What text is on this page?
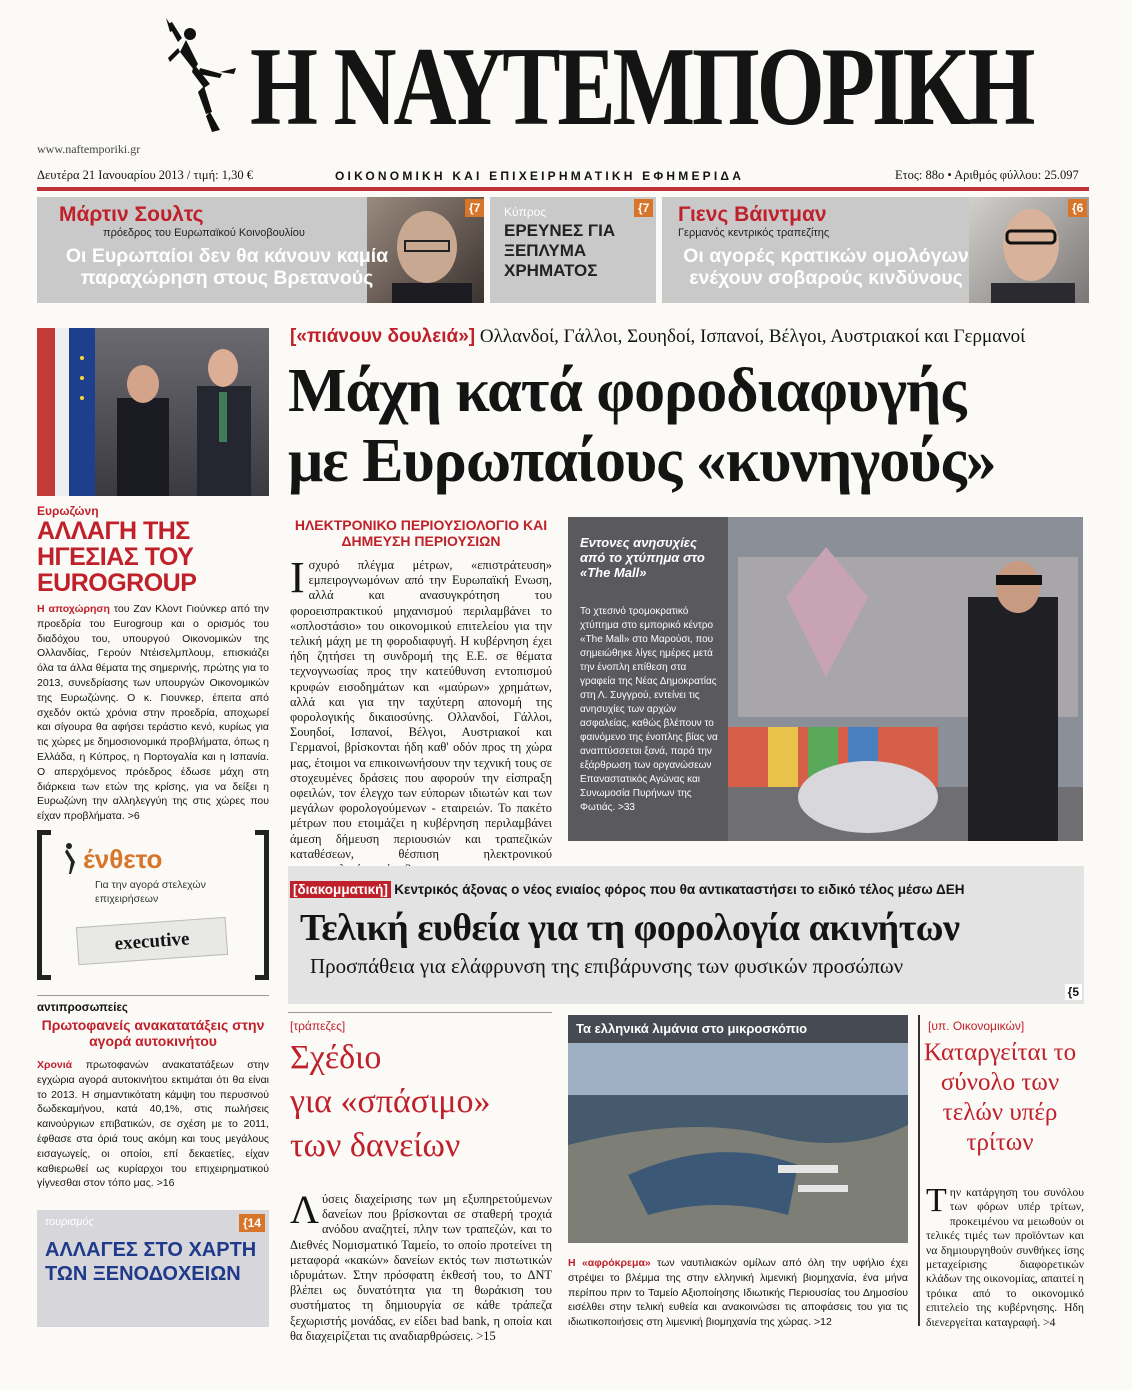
Η ΝΑΥΤΕΜΠΟΡΙΚΗ
www.naftemporiki.gr
Δευτέρα 21 Ιανουαρίου 2013 / τιμή: 1,30 €	ΟΙΚΟΝΟΜΙΚΗ ΚΑΙ ΕΠΙΧΕΙΡΗΜΑΤΙΚΗ ΕΦΗΜΕΡΙΔΑ	Ετος: 88ο • Αριθμός φύλλου: 25.097
{7
Μάρτιν Σουλτς
πρόεδρος του Ευρωπαϊκού Κοινοβουλίου
Οι Ευρωπαίοι δεν θα κάνουν καμία παραχώρηση στους Βρετανούς
Κύπρος	{7
ΕΡΕΥΝΕΣ ΓΙΑ ΞΕΠΛΥΜΑ ΧΡΗΜΑΤΟΣ
{6
Γιενς Βάιντμαν
Γερμανός κεντρικός τραπεζίτης
Οι αγορές κρατικών ομολόγων ενέχουν σοβαρούς κινδύνους
Ευρωζώνη
ΑΛΛΑΓΗ ΤΗΣ ΗΓΕΣΙΑΣ ΤΟΥ EUROGROUP
Η αποχώρηση του Ζαν Κλοντ Γιούνκερ από την προεδρία του Eurogroup και ο ορισμός του διαδόχου του, υπουργού Οικονομικών της Ολλανδίας, Γερούν Ντέισελμπλουμ, επισκιάζει όλα τα άλλα θέματα της σημερινής, πρώτης για το 2013, συνεδρίασης των υπουργών Οικονομικών της Ευρωζώνης. Ο κ. Γιουνκερ, έπειτα από σχεδόν οκτώ χρόνια στην προεδρία, αποχωρεί και σίγουρα θα αφήσει τεράστιο κενό, κυρίως για τις χώρες με δημοσιονομικά προβλήματα, όπως η Ελλάδα, η Κύπρος, η Πορτογαλία και η Ισπανία. Ο απερχόμενος πρόεδρος έδωσε μάχη στη διάρκεια των ετών της κρίσης, για να δείξει η Ευρωζώνη την αλληλεγγύη της στις χώρες που είχαν προβλήματα. >6
ένθετο
Για την αγορά στελεχών επιχειρήσεων
executive
αντιπροσωπείες
Πρωτοφανείς ανακατατάξεις στην αγορά αυτοκινήτου
Χρονιά πρωτοφανών ανακατατάξεων στην εγχώρια αγορά αυτοκινήτου εκτιμάται ότι θα είναι το 2013. Η σημαντικότατη κάμψη του περυσινού δωδεκαμήνου, κατά 40,1%, στις πωλήσεις καινούργιων επιβατικών, σε σχέση με το 2011, έφθασε στα όριά τους ακόμη και τους μεγάλους εισαγωγείς, οι οποίοι, επί δεκαετίες, είχαν καθιερωθεί ως κυρίαρχοι του επιχειρηματικού γίγνεσθαι στον τόπο μας. >16
τουρισμός	{14
ΑΛΛΑΓΕΣ ΣΤΟ ΧΑΡΤΗ ΤΩΝ ΞΕΝΟΔΟΧΕΙΩΝ
[«πιάνουν δουλειά»] Ολλανδοί, Γάλλοι, Σουηδοί, Ισπανοί, Βέλγοι, Αυστριακοί και Γερμανοί
Μάχη κατά φοροδιαφυγής
με Ευρωπαίους «κυνηγούς»
ΗΛΕΚΤΡΟΝΙΚΟ ΠΕΡΙΟΥΣΙΟΛΟΓΙΟ ΚΑΙ ΔΗΜΕΥΣΗ ΠΕΡΙΟΥΣΙΩΝ
Ισχυρό πλέγμα μέτρων, «επιστράτευση» εμπειρογνωμόνων από την Ευρωπαϊκή Ενωση, αλλά και ανασυγκρότηση του φοροεισπρακτικού μηχανισμού περιλαμβάνει το «οπλοστάσιο» του οικονομικού επιτελείου για την τελική μάχη με τη φοροδιαφυγή. Η κυβέρνηση έχει ήδη ζητήσει τη συνδρομή της Ε.Ε. σε θέματα τεχνογνωσίας προς την κατεύθυνση εντοπισμού κρυφών εισοδημάτων και «μαύρων» χρημάτων, αλλά και για την ταχύτερη απονομή της φορολογικής δικαιοσύνης. Ολλανδοί, Γάλλοι, Σουηδοί, Ισπανοί, Βέλγοι, Αυστριακοί και Γερμανοί, βρίσκονται ήδη καθ' οδόν προς τη χώρα μας, έτοιμοι να επικοινωνήσουν την τεχνική τους σε στοχευμένες δράσεις που αφορούν την είσπραξη οφειλών, τον έλεγχο των εύπορων ιδιωτών και των μεγάλων φορολογούμενων - εταιρειών. Το πακέτο μέτρων που ετοιμάζει η κυβέρνηση περιλαμβάνει άμεση δήμευση περιουσιών και τραπεζικών καταθέσεων, θέσπιση ηλεκτρονικού
Εντονες ανησυχίες από το χτύπημα στο «The Mall»
Το χτεσινό τρομοκρατικό χτύπημα στο εμπορικό κέντρο «The Mall» στο Μαρούσι, που σημειώθηκε λίγες ημέρες μετά την ένοπλη επίθεση στα γραφεία της Νέας Δημοκρατίας στη Λ. Συγγρού, εντείνει τις ανησυχίες των αρχών ασφαλείας, καθώς βλέπουν το φαινόμενο της ένοπλης βίας να αναπτύσσεται ξανά, παρά την εξάρθρωση των οργανώσεων Επαναστατικός Αγώνας και Συνωμοσία Πυρήνων της Φωτιάς. >33
[διακομματική] Κεντρικός άξονας ο νέος ενιαίος φόρος που θα αντικαταστήσει το ειδικό τέλος μέσω ΔΕΗ
Τελική ευθεία για τη φορολογία ακινήτων
Προσπάθεια για ελάφρυνση της επιβάρυνσης των φυσικών προσώπων
{5
[τράπεζες]
Σχέδιο
για «σπάσιμο»
των δανείων
Λύσεις διαχείρισης των μη εξυπηρετούμενων δανείων που βρίσκονται σε σταθερή τροχιά ανόδου αναζητεί, πλην των τραπεζών, και το Διεθνές Νομισματικό Ταμείο, το οποίο προτείνει τη μεταφορά «κακών» δανείων εκτός των πιστωτικών ιδρυμάτων. Στην πρόσφατη έκθεσή του, το ΔΝΤ βλέπει ως δυνατότητα για τη θωράκιση του συστήματος τη δημιουργία σε κάθε τράπεζα ξεχωριστής μονάδας, εν είδει bad bank, η οποία και θα διαχειρίζεται τις αναδιαρθρώσεις. >15
Τα ελληνικά λιμάνια στο μικροσκόπιο
Η «αφρόκρεμα» των ναυτιλιακών ομίλων από όλη την υφήλιο έχει στρέψει το βλέμμα της στην ελληνική λιμενική βιομηχανία, ένα μήνα περίπου πριν το Ταμείο Αξιοποίησης Ιδιωτικής Περιουσίας του Δημοσίου εισέλθει στην τελική ευθεία και ανακοινώσει τις αποφάσεις του για τις ιδιωτικοποιήσεις στη λιμενική βιομηχανία της χώρας. >12
[υπ. Οικονομικών]
Καταργείται το σύνολο των τελών υπέρ τρίτων
Την κατάργηση του συνόλου των φόρων υπέρ τρίτων, προκειμένου να μειωθούν οι τελικές τιμές των προϊόντων και να δημιουργηθούν συνθήκες ίσης μεταχείρισης διαφορετικών κλάδων της οικονομίας, απαιτεί η τρόικα από το οικονομικό επιτελείο της κυβέρνησης. Ηδη διενεργείται καταγραφή. >4
